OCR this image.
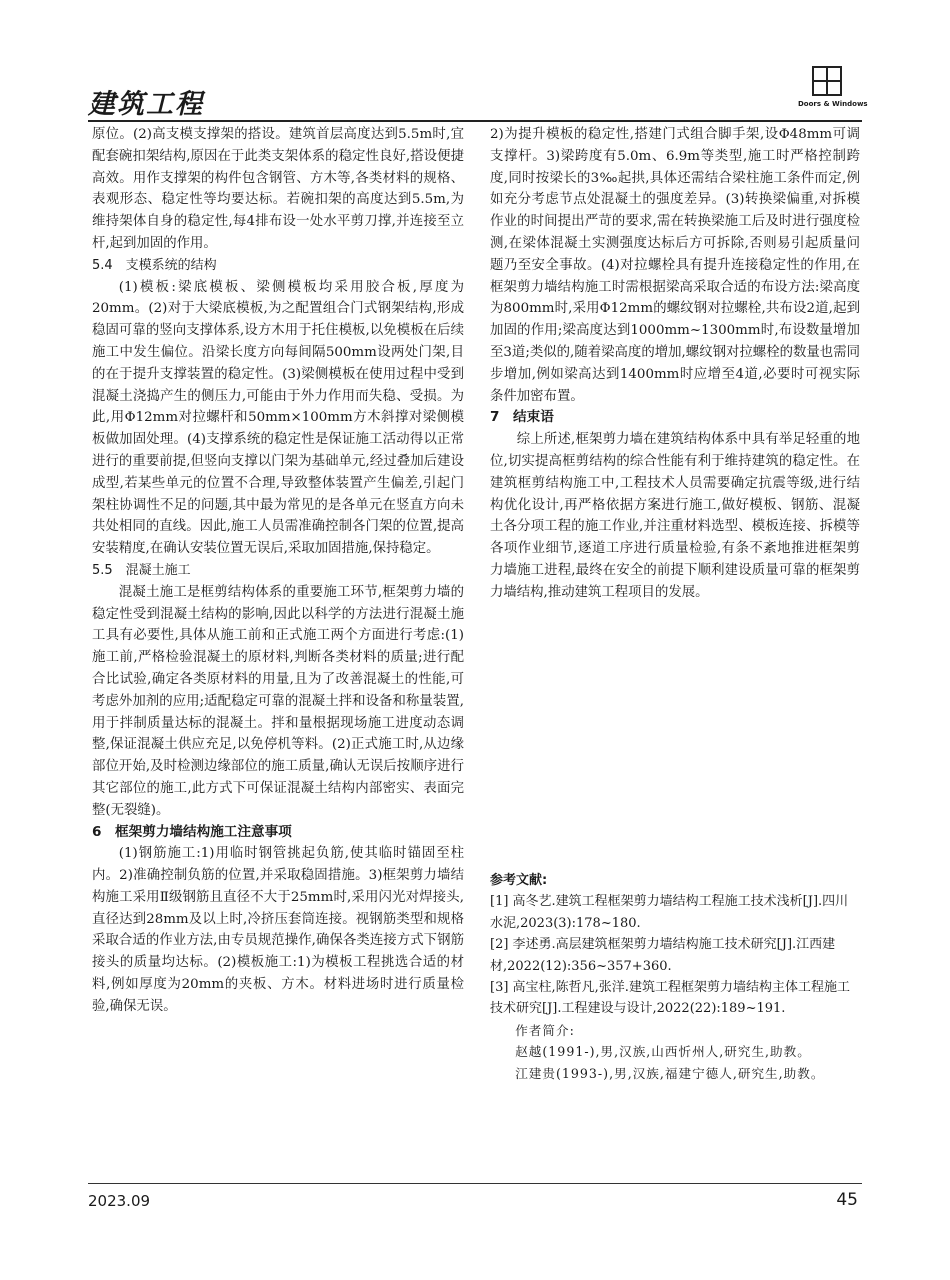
建筑工程	Doors & Windows

原位。(2)高支模支撑架的搭设。建筑首层高度达到5.5m时,宜配套碗扣架结构,原因在于此类支架体系的稳定性良好,搭设便捷高效。用作支撑架的构件包含钢管、方木等,各类材料的规格、表观形态、稳定性等均要达标。若碗扣架的高度达到5.5m,为维持架体自身的稳定性,每4排布设一处水平剪刀撑,并连接至立杆,起到加固的作用。

5.4　支模系统的结构

(1)模板:梁底模板、梁侧模板均采用胶合板,厚度为20mm。(2)对于大梁底模板,为之配置组合门式钢架结构,形成稳固可靠的竖向支撑体系,设方木用于托住模板,以免模板在后续施工中发生偏位。沿梁长度方向每间隔500mm设两处门架,目的在于提升支撑装置的稳定性。(3)梁侧模板在使用过程中受到混凝土浇捣产生的侧压力,可能由于外力作用而失稳、受损。为此,用Φ12mm对拉螺杆和50mm×100mm方木斜撑对梁侧模板做加固处理。(4)支撑系统的稳定性是保证施工活动得以正常进行的重要前提,但竖向支撑以门架为基础单元,经过叠加后建设成型,若某些单元的位置不合理,导致整体装置产生偏差,引起门架柱协调性不足的问题,其中最为常见的是各单元在竖直方向未共处相同的直线。因此,施工人员需准确控制各门架的位置,提高安装精度,在确认安装位置无误后,采取加固措施,保持稳定。

5.5　混凝土施工

混凝土施工是框剪结构体系的重要施工环节,框架剪力墙的稳定性受到混凝土结构的影响,因此以科学的方法进行混凝土施工具有必要性,具体从施工前和正式施工两个方面进行考虑:(1)施工前,严格检验混凝土的原材料,判断各类材料的质量;进行配合比试验,确定各类原材料的用量,且为了改善混凝土的性能,可考虑外加剂的应用;适配稳定可靠的混凝土拌和设备和称量装置,用于拌制质量达标的混凝土。拌和量根据现场施工进度动态调整,保证混凝土供应充足,以免停机等料。(2)正式施工时,从边缘部位开始,及时检测边缘部位的施工质量,确认无误后按顺序进行其它部位的施工,此方式下可保证混凝土结构内部密实、表面完整(无裂缝)。

6　框架剪力墙结构施工注意事项

(1)钢筋施工:1)用临时钢管挑起负筋,使其临时锚固至柱内。2)准确控制负筋的位置,并采取稳固措施。3)框架剪力墙结构施工采用Ⅱ级钢筋且直径不大于25mm时,采用闪光对焊接头,直径达到28mm及以上时,冷挤压套筒连接。视钢筋类型和规格采取合适的作业方法,由专员规范操作,确保各类连接方式下钢筋接头的质量均达标。(2)模板施工:1)为模板工程挑选合适的材料,例如厚度为20mm的夹板、方木。材料进场时进行质量检验,确保无误。

2)为提升模板的稳定性,搭建门式组合脚手架,设Φ48mm可调支撑杆。3)梁跨度有5.0m、6.9m等类型,施工时严格控制跨度,同时按梁长的3‰起拱,具体还需结合梁柱施工条件而定,例如充分考虑节点处混凝土的强度差异。(3)转换梁偏重,对拆模作业的时间提出严苛的要求,需在转换梁施工后及时进行强度检测,在梁体混凝土实测强度达标后方可拆除,否则易引起质量问题乃至安全事故。(4)对拉螺栓具有提升连接稳定性的作用,在框架剪力墙结构施工时需根据梁高采取合适的布设方法:梁高度为800mm时,采用Φ12mm的螺纹钢对拉螺栓,共布设2道,起到加固的作用;梁高度达到1000mm~1300mm时,布设数量增加至3道;类似的,随着梁高度的增加,螺纹钢对拉螺栓的数量也需同步增加,例如梁高达到1400mm时应增至4道,必要时可视实际条件加密布置。

7　结束语

综上所述,框架剪力墙在建筑结构体系中具有举足轻重的地位,切实提高框剪结构的综合性能有利于维持建筑的稳定性。在建筑框剪结构施工中,工程技术人员需要确定抗震等级,进行结构优化设计,再严格依据方案进行施工,做好模板、钢筋、混凝土各分项工程的施工作业,并注重材料选型、模板连接、拆模等各项作业细节,逐道工序进行质量检验,有条不紊地推进框架剪力墙施工进程,最终在安全的前提下顺利建设质量可靠的框架剪力墙结构,推动建筑工程项目的发展。

参考文献:

[1] 高冬艺.建筑工程框架剪力墙结构工程施工技术浅析[J].四川水泥,2023(3):178~180.

[2] 李述勇.高层建筑框架剪力墙结构施工技术研究[J].江西建材,2022(12):356~357+360.

[3] 高宝柱,陈哲凡,张洋.建筑工程框架剪力墙结构主体工程施工技术研究[J].工程建设与设计,2022(22):189~191.

作者简介:

赵越(1991-),男,汉族,山西忻州人,研究生,助教。

江建贵(1993-),男,汉族,福建宁德人,研究生,助教。

2023.09	45
